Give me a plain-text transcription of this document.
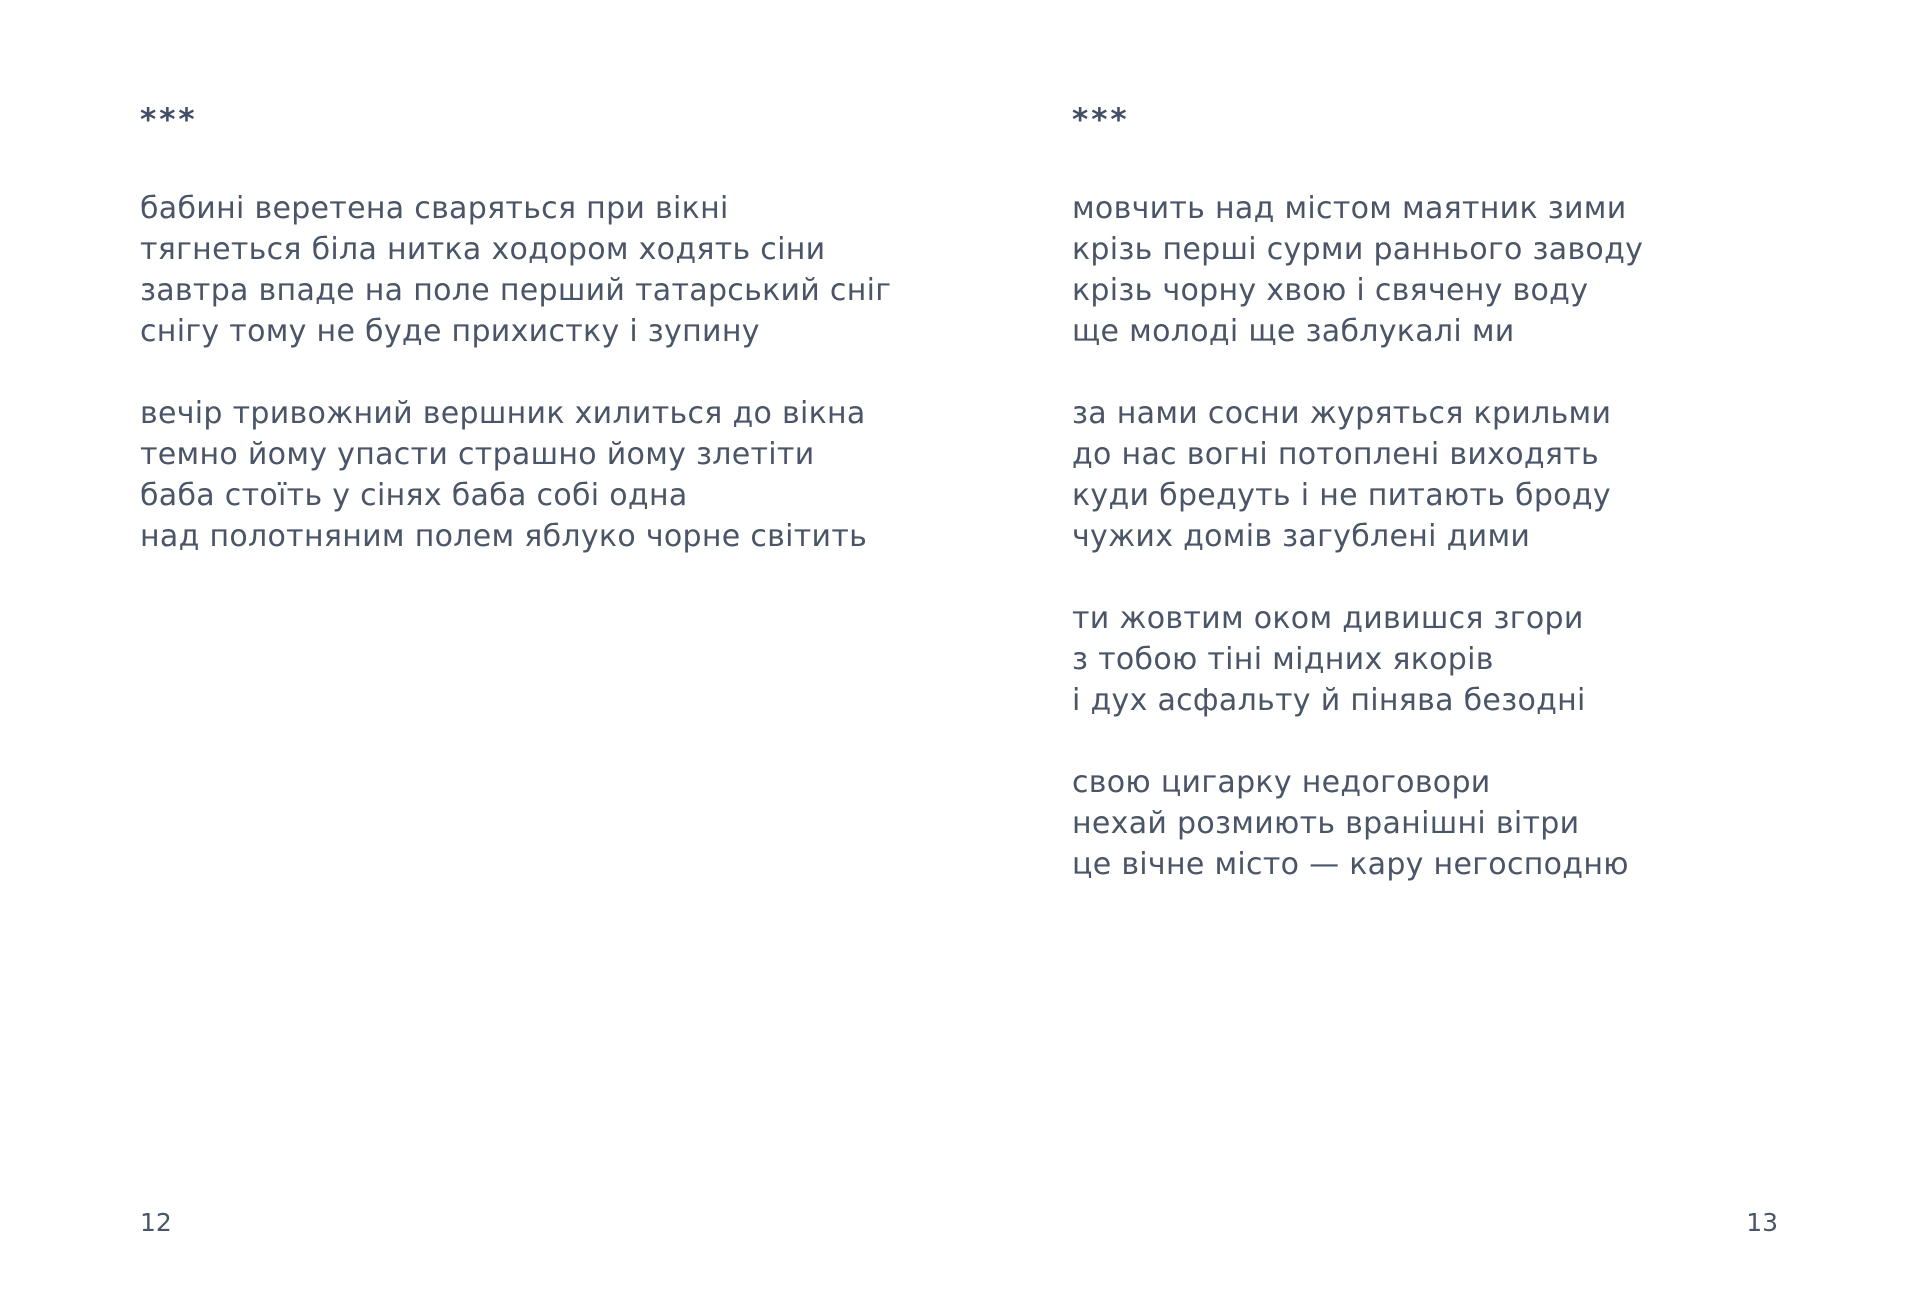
***
бабині веретена сваряться при вікні
тягнеться біла нитка ходором ходять сіни
завтра впаде на поле перший татарський сніг
снігу тому не буде прихистку і зупину
вечір тривожний вершник хилиться до вікна
темно йому упасти страшно йому злетіти
баба стоїть у сінях баба собі одна
над полотняним полем яблуко чорне світить
***
мовчить над містом маятник зими
крізь перші сурми раннього заводу
крізь чорну хвою і свячену воду
ще молоді ще заблукалі ми
за нами сосни журяться крильми
до нас вогні потоплені виходять
куди бредуть і не питають броду
чужих домів загублені дими
ти жовтим оком дивишся згори
з тобою тіні мідних якорів
і дух асфальту й пінява безодні
свою цигарку недоговори
нехай розмиють вранішні вітри
це вічне місто — кару негосподню
12	13
